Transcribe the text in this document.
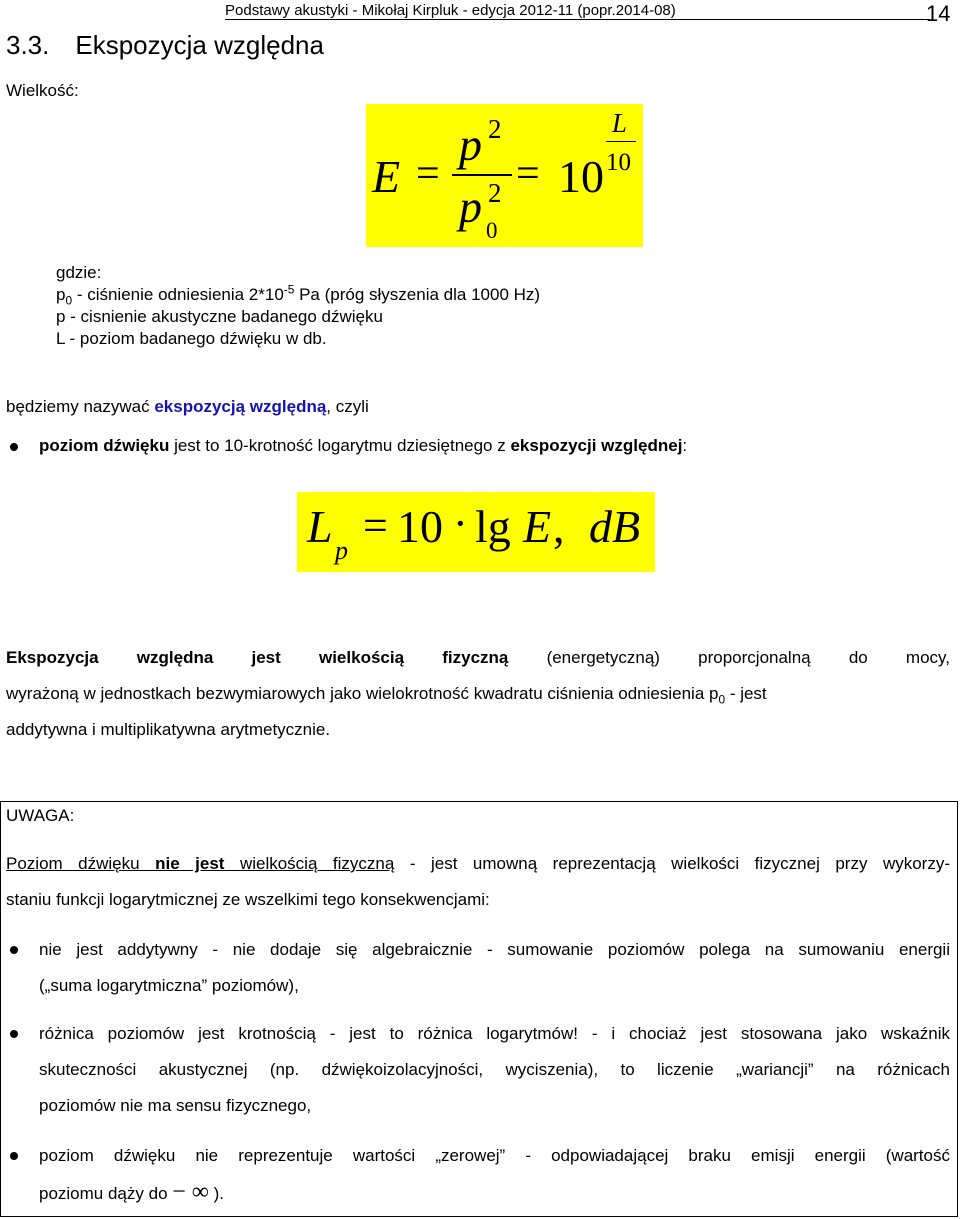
Podstawy akustyki - Mikołaj Kirpluk - edycja 2012-11 (popr.2014-08)	14
3.3. Ekspozycja względna
Wielkość:
E =
p 2
p 2
0
= 10
L
10
gdzie:
$p_0$ - ciśnienie odniesienia $2*10^{-5}$ Pa (próg słyszenia dla 1000 Hz)
p - cisnienie akustyczne badanego dźwięku
L - poziom badanego dźwięku w db.
będziemy nazywać ekspozycją względną, czyli
poziom dźwięku jest to 10-krotność logarytmu dziesiętnego z ekspozycji względnej:
L p
= 10 · lg E , dB
Ekspozycja względna jest wielkością fizyczną (energetyczną) proporcjonalną do mocy,
wyrażoną w jednostkach bezwymiarowych jako wielokrotność kwadratu ciśnienia odniesienia $p_0$ - jest
addytywna i multiplikatywna arytmetycznie.
UWAGA:
Poziom dźwięku nie jest wielkością fizyczną - jest umowną reprezentacją wielkości fizycznej przy wykorzy-
staniu funkcji logarytmicznej ze wszelkimi tego konsekwencjami:
nie jest addytywny - nie dodaje się algebraicznie - sumowanie poziomów polega na sumowaniu energii
(„suma logarytmiczna” poziomów),
różnica poziomów jest krotnością - jest to różnica logarytmów! - i chociaż jest stosowana jako wskaźnik
skuteczności akustycznej (np. dźwiękoizolacyjności, wyciszenia), to liczenie „wariancji” na różnicach
poziomów nie ma sensu fizycznego,
poziom dźwięku nie reprezentuje wartości „zerowej” - odpowiadającej braku emisji energii (wartość
poziomu dąży do − ∞ ).
